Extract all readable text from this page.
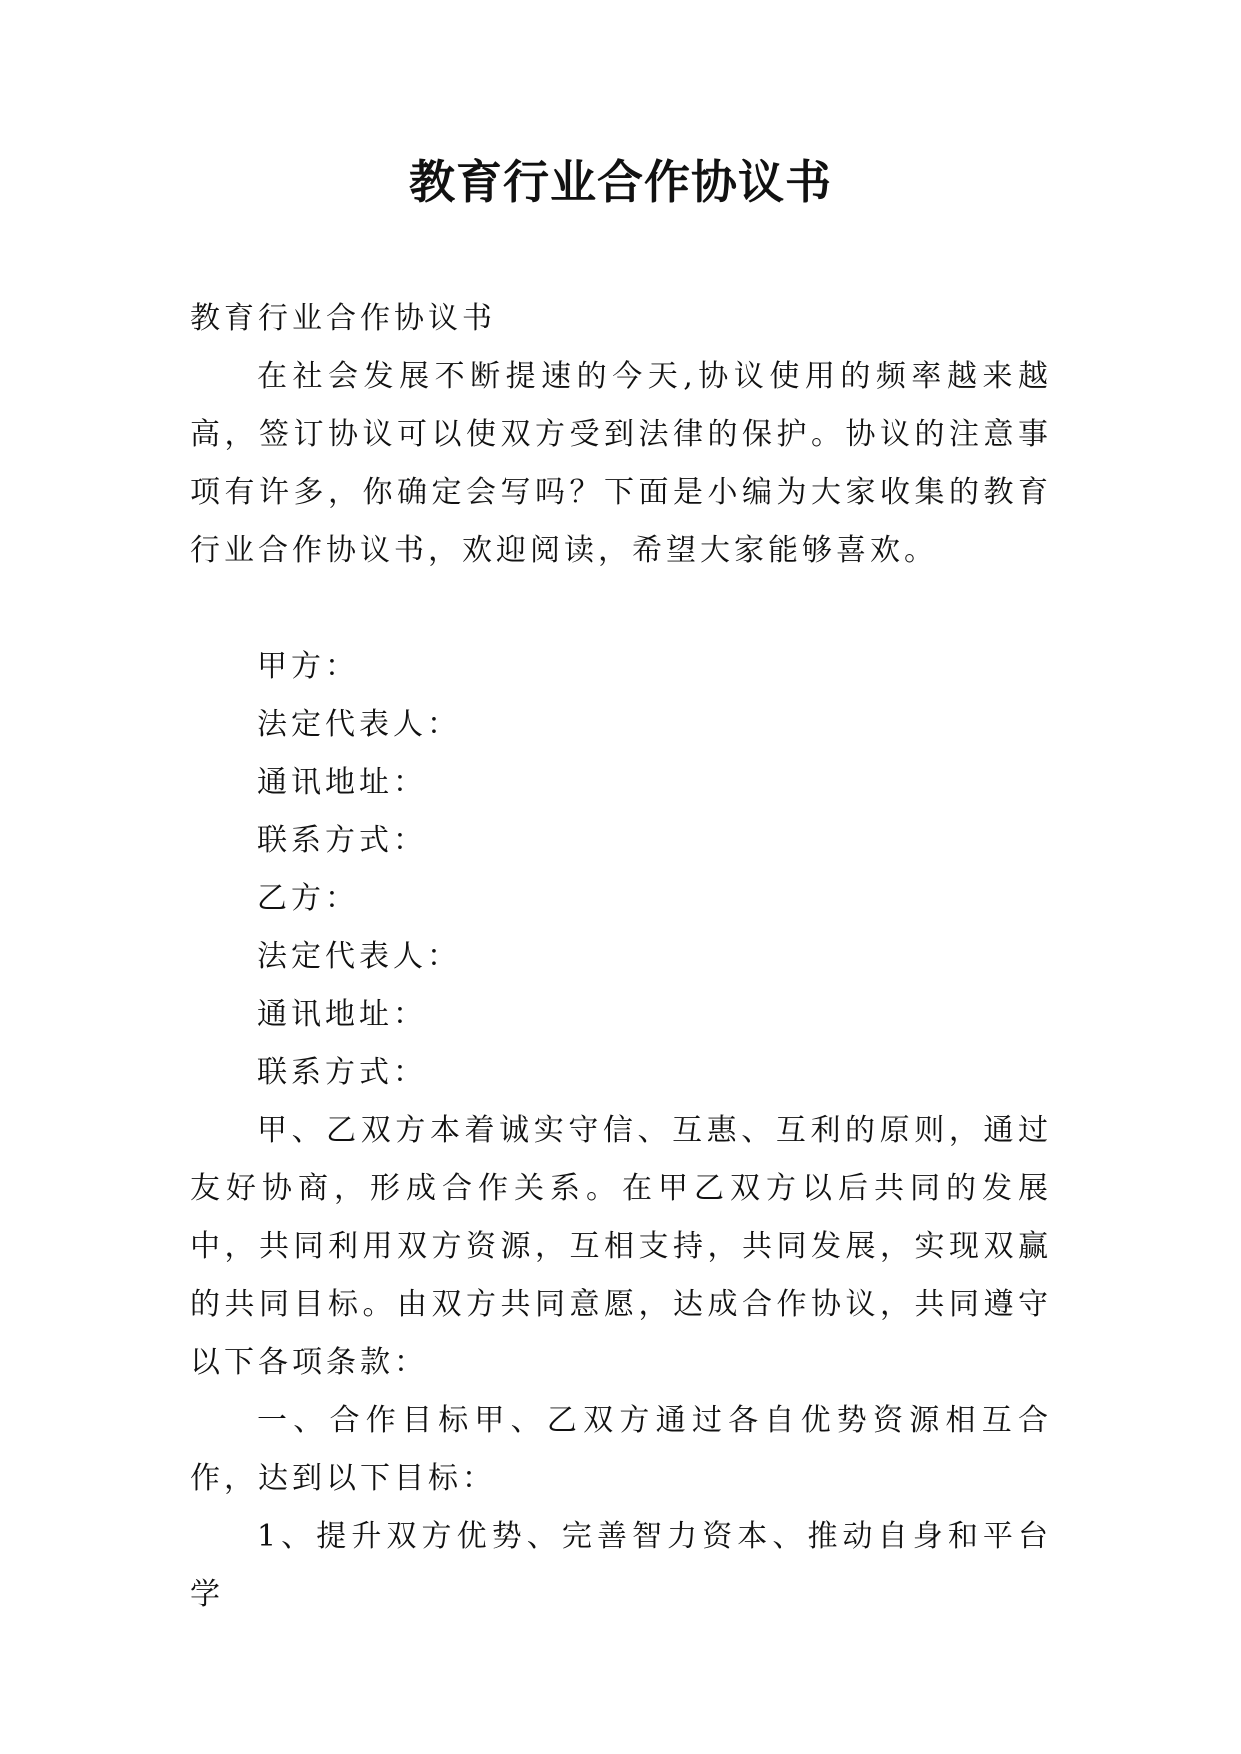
教育行业合作协议书

教育行业合作协议书

在社会发展不断提速的今天,协议使用的频率越来越高，签订协议可以使双方受到法律的保护。协议的注意事项有许多，你确定会写吗？下面是小编为大家收集的教育行业合作协议书，欢迎阅读，希望大家能够喜欢。

甲方：

法定代表人：

通讯地址：

联系方式：

乙方：

法定代表人：

通讯地址：

联系方式：

甲、乙双方本着诚实守信、互惠、互利的原则，通过友好协商，形成合作关系。在甲乙双方以后共同的发展中，共同利用双方资源，互相支持，共同发展，实现双赢的共同目标。由双方共同意愿，达成合作协议，共同遵守以下各项条款：

一、合作目标甲、乙双方通过各自优势资源相互合作，达到以下目标：

1、提升双方优势、完善智力资本、推动自身和平台学
